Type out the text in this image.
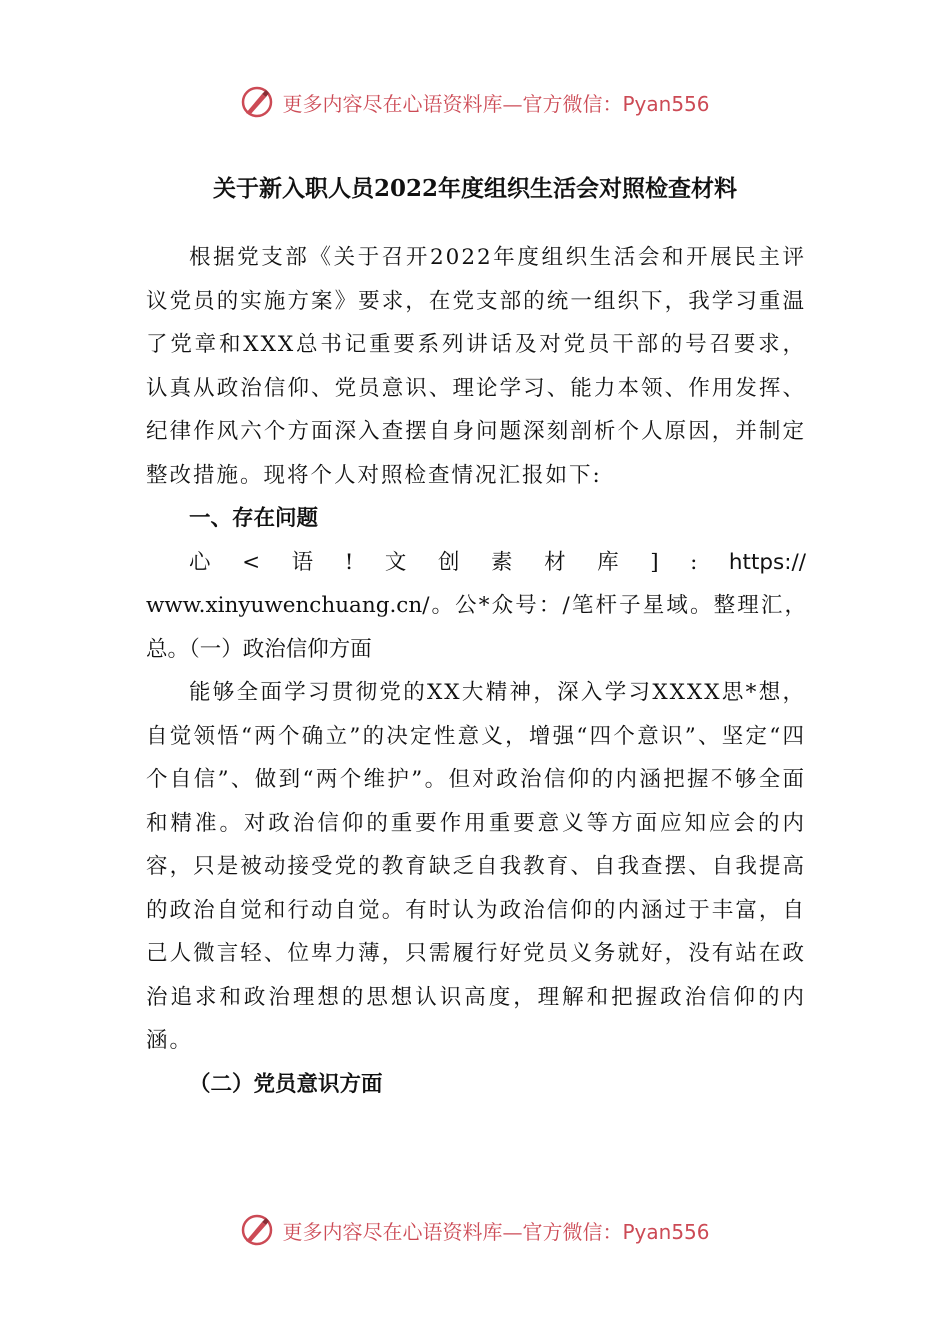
更多内容尽在心语资料库—官方微信：Pyan556
关于新入职人员2022年度组织生活会对照检查材料

根据党支部《关于召开2022年度组织生活会和开展民主评议党员的实施方案》要求，在党支部的统一组织下，我学习重温了党章和XXX总书记重要系列讲话及对党员干部的号召要求，认真从政治信仰、党员意识、理论学习、能力本领、作用发挥、纪律作风六个方面深入查摆自身问题深刻剖析个人原因，并制定整改措施。现将个人对照检查情况汇报如下:

一、存在问题

心 < 语 ! 文 创 素 材 库 ] : https://

www.xinyuwenchuang.cn/。公*众号：/笔杆子星域。整理汇，总。（一）政治信仰方面

能够全面学习贯彻党的XX大精神，深入学习XXXX思*想，自觉领悟“两个确立”的决定性意义，增强“四个意识”、坚定“四个自信”、做到“两个维护”。但对政治信仰的内涵把握不够全面和精准。对政治信仰的重要作用重要意义等方面应知应会的内容，只是被动接受党的教育缺乏自我教育、自我查摆、自我提高的政治自觉和行动自觉。有时认为政治信仰的内涵过于丰富，自己人微言轻、位卑力薄，只需履行好党员义务就好，没有站在政治追求和政治理想的思想认识高度，理解和把握政治信仰的内涵。

（二）党员意识方面

更多内容尽在心语资料库—官方微信：Pyan556
